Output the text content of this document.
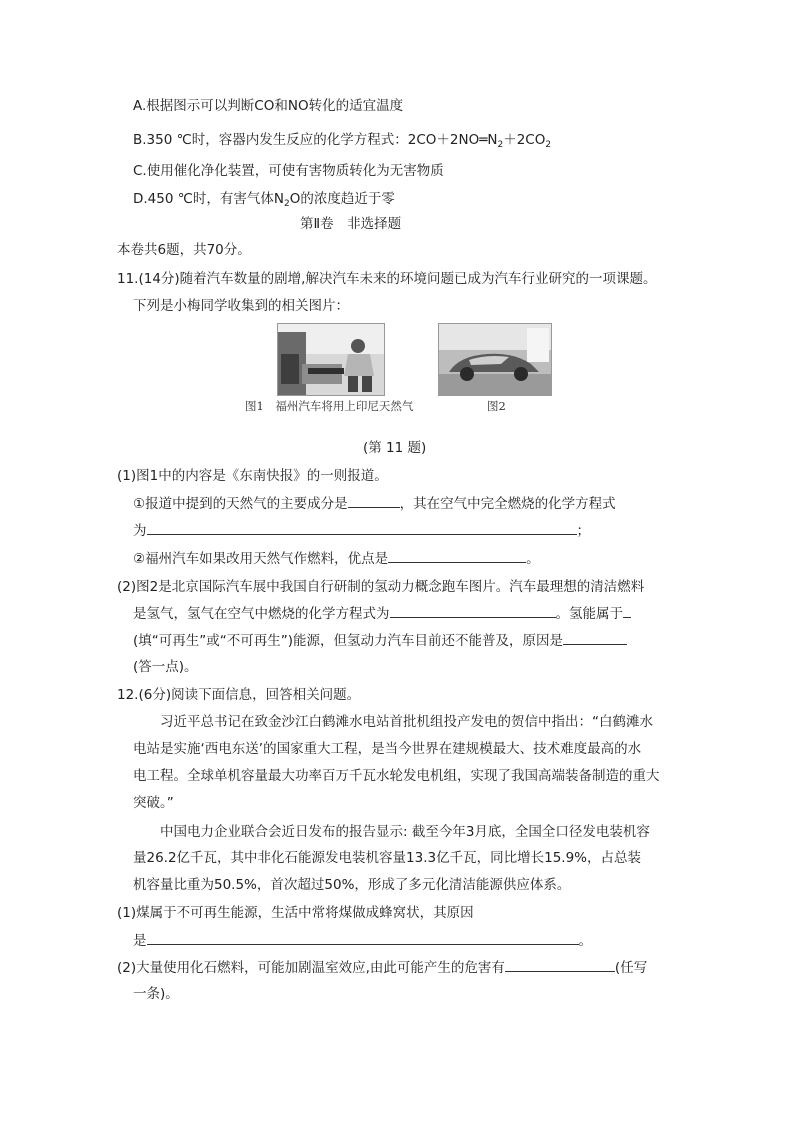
A.根据图示可以判断CO和NO转化的适宜温度
B.350 ℃时，容器内发生反应的化学方程式：$2CO+2NO═N_2+2CO_2$
C.使用催化净化装置，可使有害物质转化为无害物质
D.450 ℃时，有害气体$N_2O$的浓度趋近于零
第Ⅱ卷　非选择题
本卷共6题，共70分。
11.(14分)随着汽车数量的剧增,解决汽车未来的环境问题已成为汽车行业研究的一项课题。
下列是小梅同学收集到的相关图片：
图1　福州汽车将用上印尼天然气	图2
(第 11 题)
(1)图1中的内容是《东南快报》的一则报道。
①报道中提到的天然气的主要成分是	，其在空气中完全燃烧的化学方程式
为	；
②福州汽车如果改用天然气作燃料，优点是	。
(2)图2是北京国际汽车展中我国自行研制的氢动力概念跑车图片。汽车最理想的清洁燃料
是氢气，氢气在空气中燃烧的化学方程式为	。氢能属于
(填“可再生”或“不可再生”)能源，但氢动力汽车目前还不能普及，原因是
(答一点)。
12.(6分)阅读下面信息，回答相关问题。
习近平总书记在致金沙江白鹤滩水电站首批机组投产发电的贺信中指出：“白鹤滩水
电站是实施‘西电东送’的国家重大工程，是当今世界在建规模最大、技术难度最高的水
电工程。全球单机容量最大功率百万千瓦水轮发电机组，实现了我国高端装备制造的重大
突破。”
中国电力企业联合会近日发布的报告显示: 截至今年3月底，全国全口径发电装机容
量26.2亿千瓦，其中非化石能源发电装机容量13.3亿千瓦，同比增长15.9%，占总装
机容量比重为50.5%，首次超过50%，形成了多元化清洁能源供应体系。
(1)煤属于不可再生能源，生活中常将煤做成蜂窝状，其原因
是	。
(2)大量使用化石燃料，可能加剧温室效应,由此可能产生的危害有	(任写
一条)。
